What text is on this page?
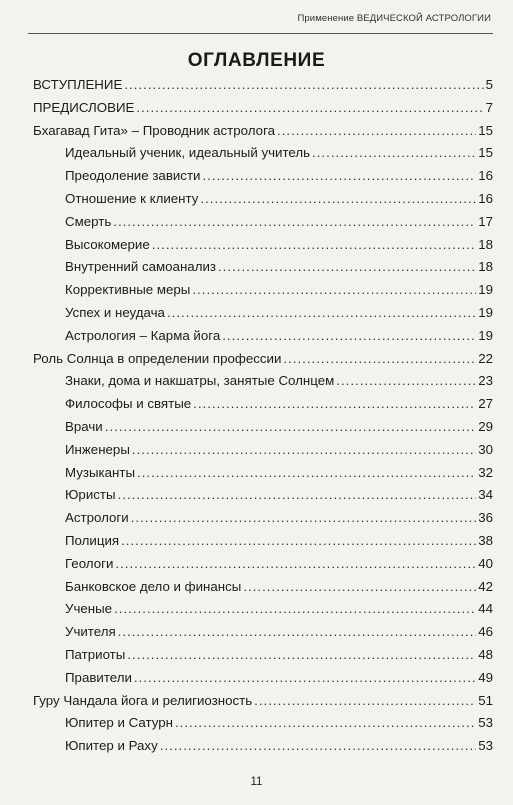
Применение ВЕДИЧЕСКОЙ АСТРОЛОГИИ
ОГЛАВЛЕНИЕ
ВСТУПЛЕНИЕ .....	5
ПРЕДИСЛОВИЕ .....	7
Бхагавад Гита» – Проводник астролога .....	15
Идеальный ученик, идеальный учитель .....	15
Преодоление зависти .....	16
Отношение к клиенту .....	16
Смерть .....	17
Высокомерие .....	18
Внутренний самоанализ .....	18
Коррективные меры .....	19
Успех и неудача .....	19
Астрология – Карма йога .....	19
Роль Солнца в определении профессии .....	22
Знаки, дома и накшатры, занятые Солнцем .....	23
Философы и святые .....	27
Врачи .....	29
Инженеры .....	30
Музыканты .....	32
Юристы .....	34
Астрологи .....	36
Полиция .....	38
Геологи .....	40
Банковское дело и финансы .....	42
Ученые .....	44
Учителя .....	46
Патриоты .....	48
Правители .....	49
Гуру Чандала йога и религиозность .....	51
Юпитер и Сатурн .....	53
Юпитер и Раху .....	53
11
